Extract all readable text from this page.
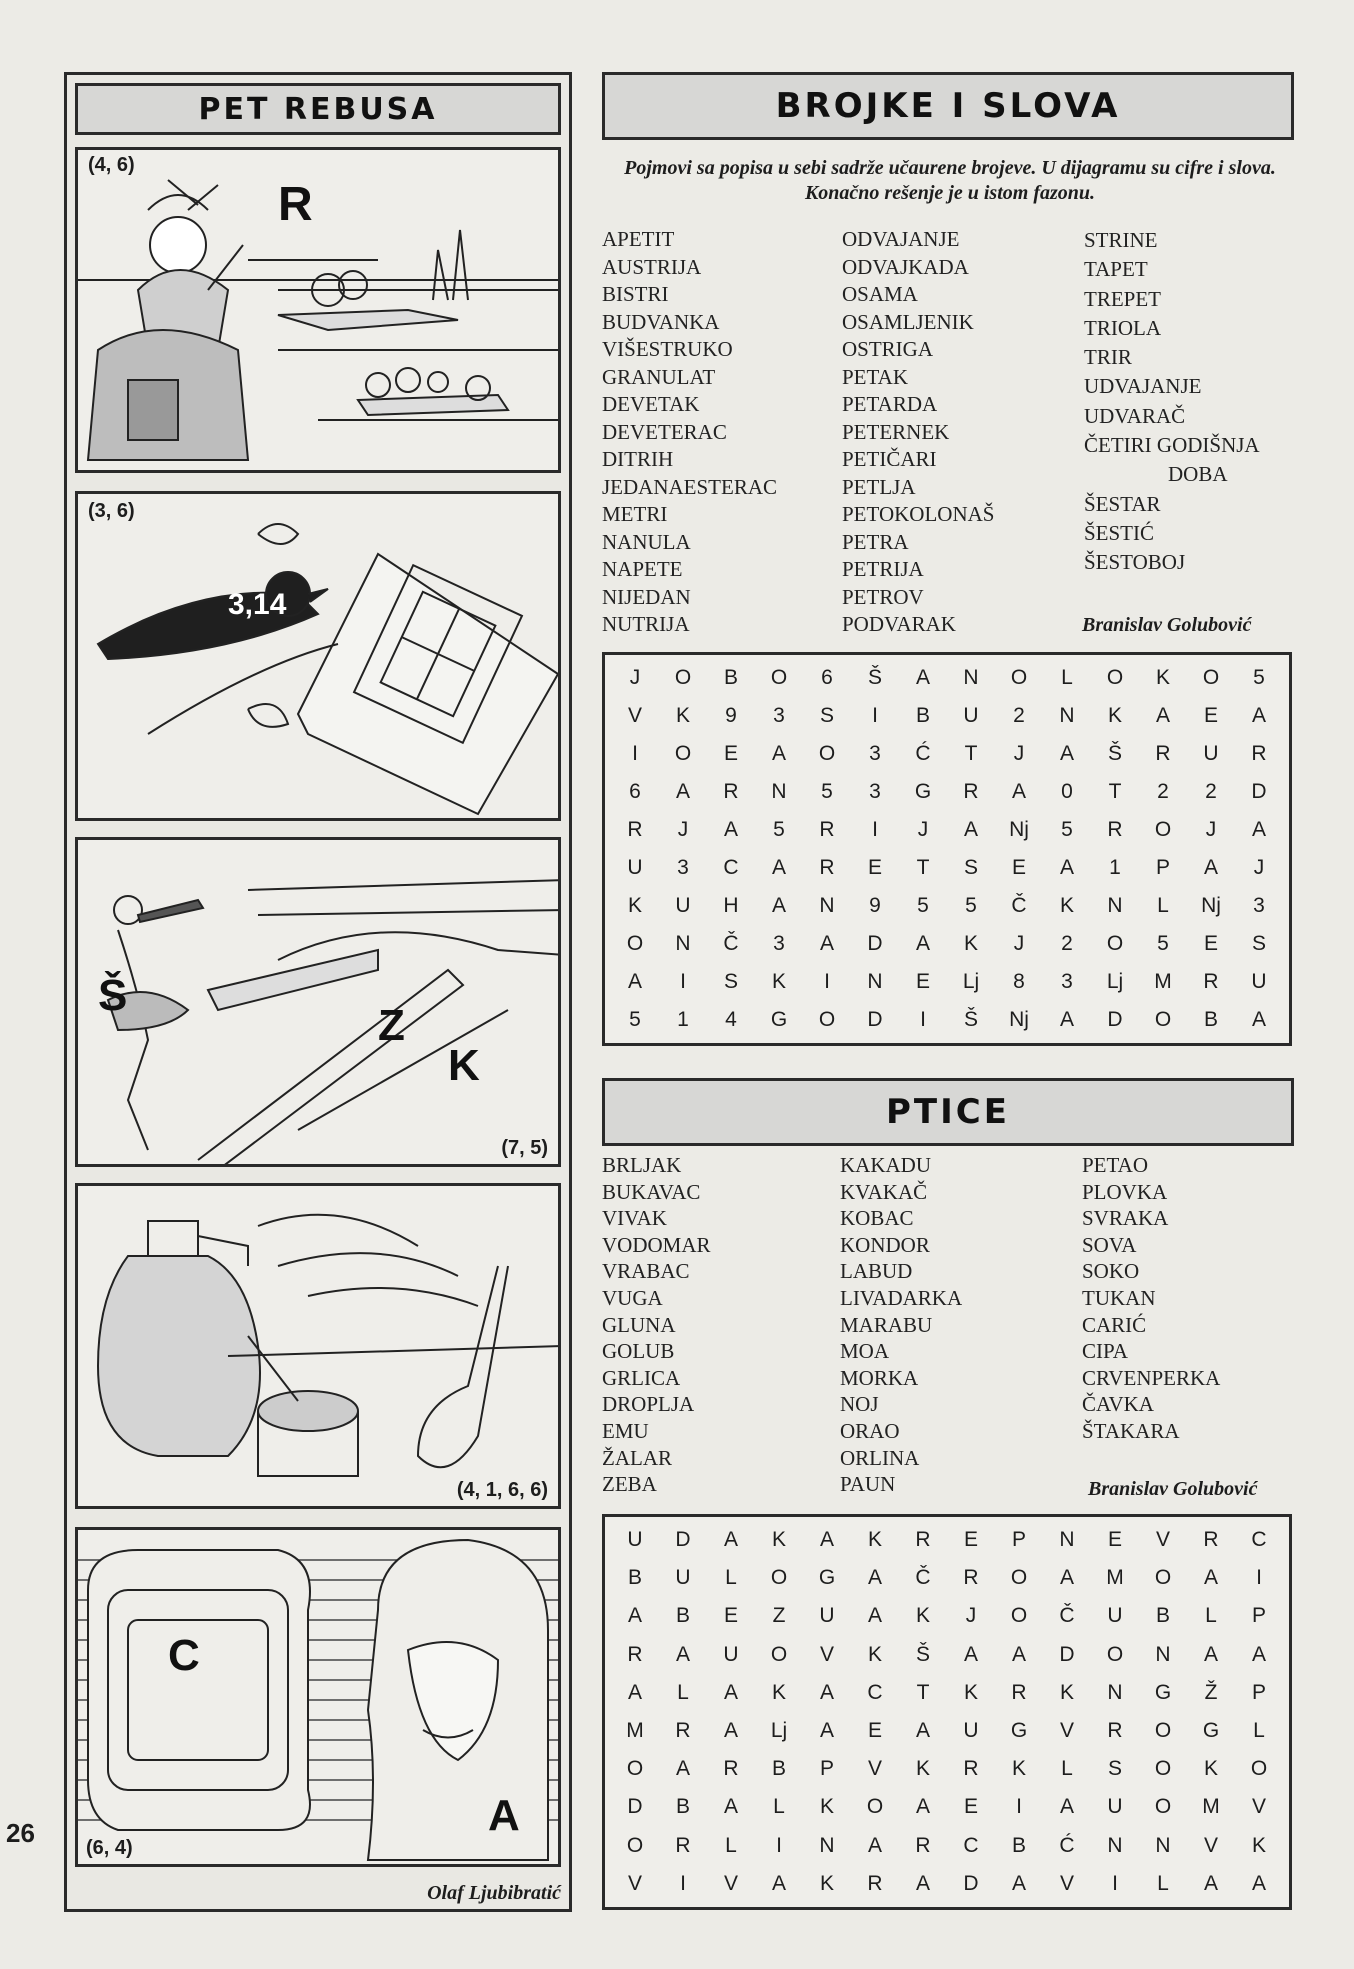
26
PET REBUSA
R
(4, 6)
3,14
(3, 6)
Š
Z
K
(7, 5)
(4, 1, 6, 6)
C
A
(6, 4)
Olaf Ljubibratić
BROJKE I SLOVA
Pojmovi sa popisa u sebi sadrže učaurene brojeve. U dijagramu su cifre i slova. Konačno rešenje je u istom fazonu.
APETIT
AUSTRIJA
BISTRI
BUDVANKA
VIŠESTRUKO
GRANULAT
DEVETAK
DEVETERAC
DITRIH
JEDANAESTERAC
METRI
NANULA
NAPETE
NIJEDAN
NUTRIJA
ODVAJANJE
ODVAJKADA
OSAMA
OSAMLJENIK
OSTRIGA
PETAK
PETARDA
PETERNEK
PETIČARI
PETLJA
PETOKOLONAŠ
PETRA
PETRIJA
PETROV
PODVARAK
STRINE
TAPET
TREPET
TRIOLA
TRIR
UDVAJANJE
UDVARAČ
ČETIRI GODIŠNJA
DOBA
ŠESTAR
ŠESTIĆ
ŠESTOBOJ
Branislav Golubović
J	O	B	O	6	Š	A	N	O	L	O	K	O	5
V	K	9	3	S	I	B	U	2	N	K	A	E	A
I	O	E	A	O	3	Ć	T	J	A	Š	R	U	R
6	A	R	N	5	3	G	R	A	0	T	2	2	D
R	J	A	5	R	I	J	A	Nj	5	R	O	J	A
U	3	C	A	R	E	T	S	E	A	1	P	A	J
K	U	H	A	N	9	5	5	Č	K	N	L	Nj	3
O	N	Č	3	A	D	A	K	J	2	O	5	E	S
A	I	S	K	I	N	E	Lj	8	3	Lj	M	R	U
5	1	4	G	O	D	I	Š	Nj	A	D	O	B	A
PTICE
BRLJAK
BUKAVAC
VIVAK
VODOMAR
VRABAC
VUGA
GLUNA
GOLUB
GRLICA
DROPLJA
EMU
ŽALAR
ZEBA
KAKADU
KVAKAČ
KOBAC
KONDOR
LABUD
LIVADARKA
MARABU
MOA
MORKA
NOJ
ORAO
ORLINA
PAUN
PETAO
PLOVKA
SVRAKA
SOVA
SOKO
TUKAN
CARIĆ
CIPA
CRVENPERKA
ČAVKA
ŠTAKARA
Branislav Golubović
U	D	A	K	A	K	R	E	P	N	E	V	R	C
B	U	L	O	G	A	Č	R	O	A	M	O	A	I
A	B	E	Z	U	A	K	J	O	Č	U	B	L	P
R	A	U	O	V	K	Š	A	A	D	O	N	A	A
A	L	A	K	A	C	T	K	R	K	N	G	Ž	P
M	R	A	Lj	A	E	A	U	G	V	R	O	G	L
O	A	R	B	P	V	K	R	K	L	S	O	K	O
D	B	A	L	K	O	A	E	I	A	U	O	M	V
O	R	L	I	N	A	R	C	B	Ć	N	N	V	K
V	I	V	A	K	R	A	D	A	V	I	L	A	A
